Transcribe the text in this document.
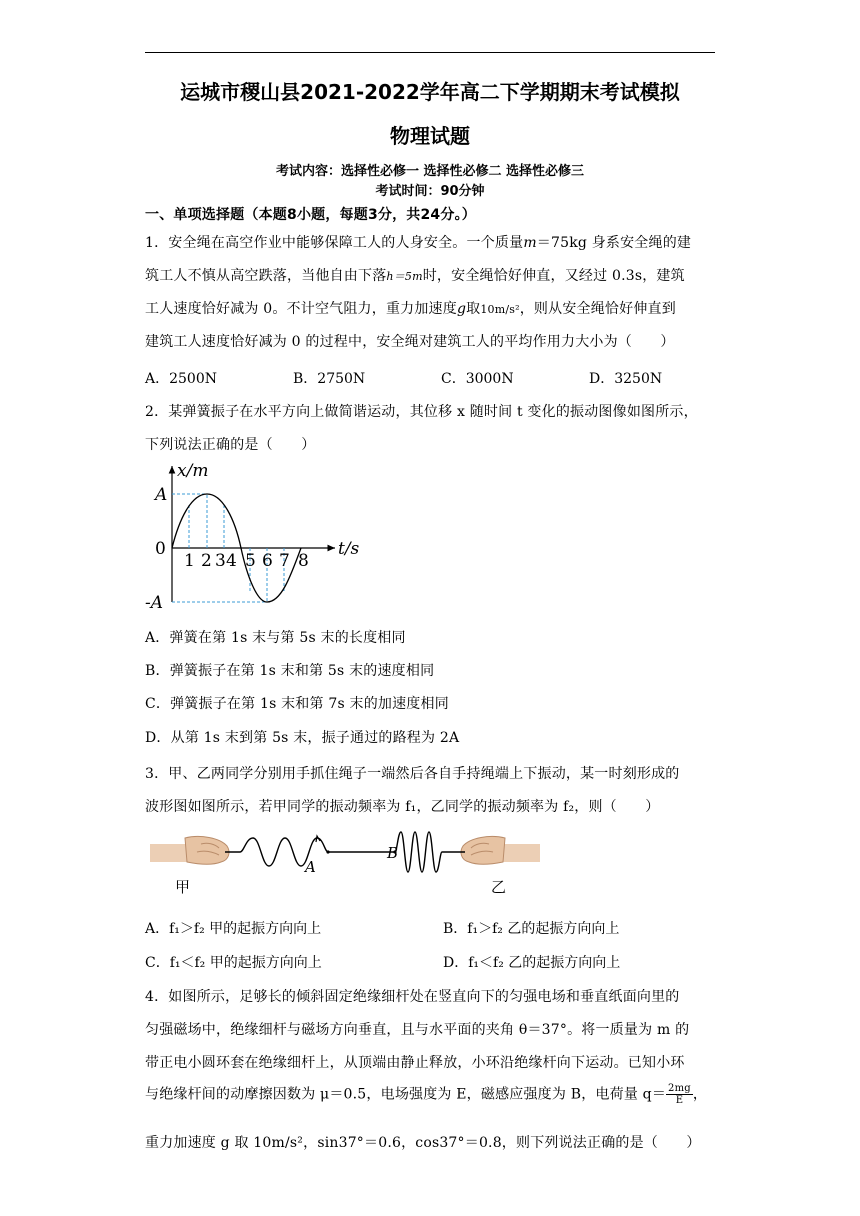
运城市稷山县2021-2022学年高二下学期期末考试模拟
物理试题
考试内容：选择性必修一 选择性必修二 选择性必修三
考试时间：90分钟
一、单项选择题（本题8小题，每题3分，共24分。）
1．安全绳在高空作业中能够保障工人的人身安全。一个质量m＝75kg 身系安全绳的建
筑工人不慎从高空跌落，当他自由下落h＝5m时，安全绳恰好伸直，又经过 0.3s，建筑
工人速度恰好减为 0。不计空气阻力，重力加速度g取10m/s²，则从安全绳恰好伸直到
建筑工人速度恰好减为 0 的过程中，安全绳对建筑工人的平均作用力大小为（　　）
A．2500N	B．2750N	C．3000N	D．3250N
2．某弹簧振子在水平方向上做简谐运动，其位移 x 随时间 t 变化的振动图像如图所示，
下列说法正确的是（　　）
x/m
A
0
-A
t/s
1 2 3 4 5 6 7 8
A．弹簧在第 1s 末与第 5s 末的长度相同
B．弹簧振子在第 1s 末和第 5s 末的速度相同
C．弹簧振子在第 1s 末和第 7s 末的加速度相同
D．从第 1s 末到第 5s 末，振子通过的路程为 2A
3．甲、乙两同学分别用手抓住绳子一端然后各自手持绳端上下振动，某一时刻形成的
波形图如图所示，若甲同学的振动频率为 f₁，乙同学的振动频率为 f₂，则（　　）
A
B
甲	乙
A．f₁＞f₂ 甲的起振方向向上	B．f₁＞f₂ 乙的起振方向向上
C．f₁＜f₂ 甲的起振方向向上	D．f₁＜f₂ 乙的起振方向向上
4．如图所示，足够长的倾斜固定绝缘细杆处在竖直向下的匀强电场和垂直纸面向里的
匀强磁场中，绝缘细杆与磁场方向垂直，且与水平面的夹角 θ＝37°。将一质量为 m 的
带正电小圆环套在绝缘细杆上，从顶端由静止释放，小环沿绝缘杆向下运动。已知小环
与绝缘杆间的动摩擦因数为 μ＝0.5，电场强度为 E，磁感应强度为 B，电荷量 $q= \frac{2mg}{E}$ ，
重力加速度 g 取 10m/s²，sin37°＝0.6，cos37°＝0.8，则下列说法正确的是（　　）
